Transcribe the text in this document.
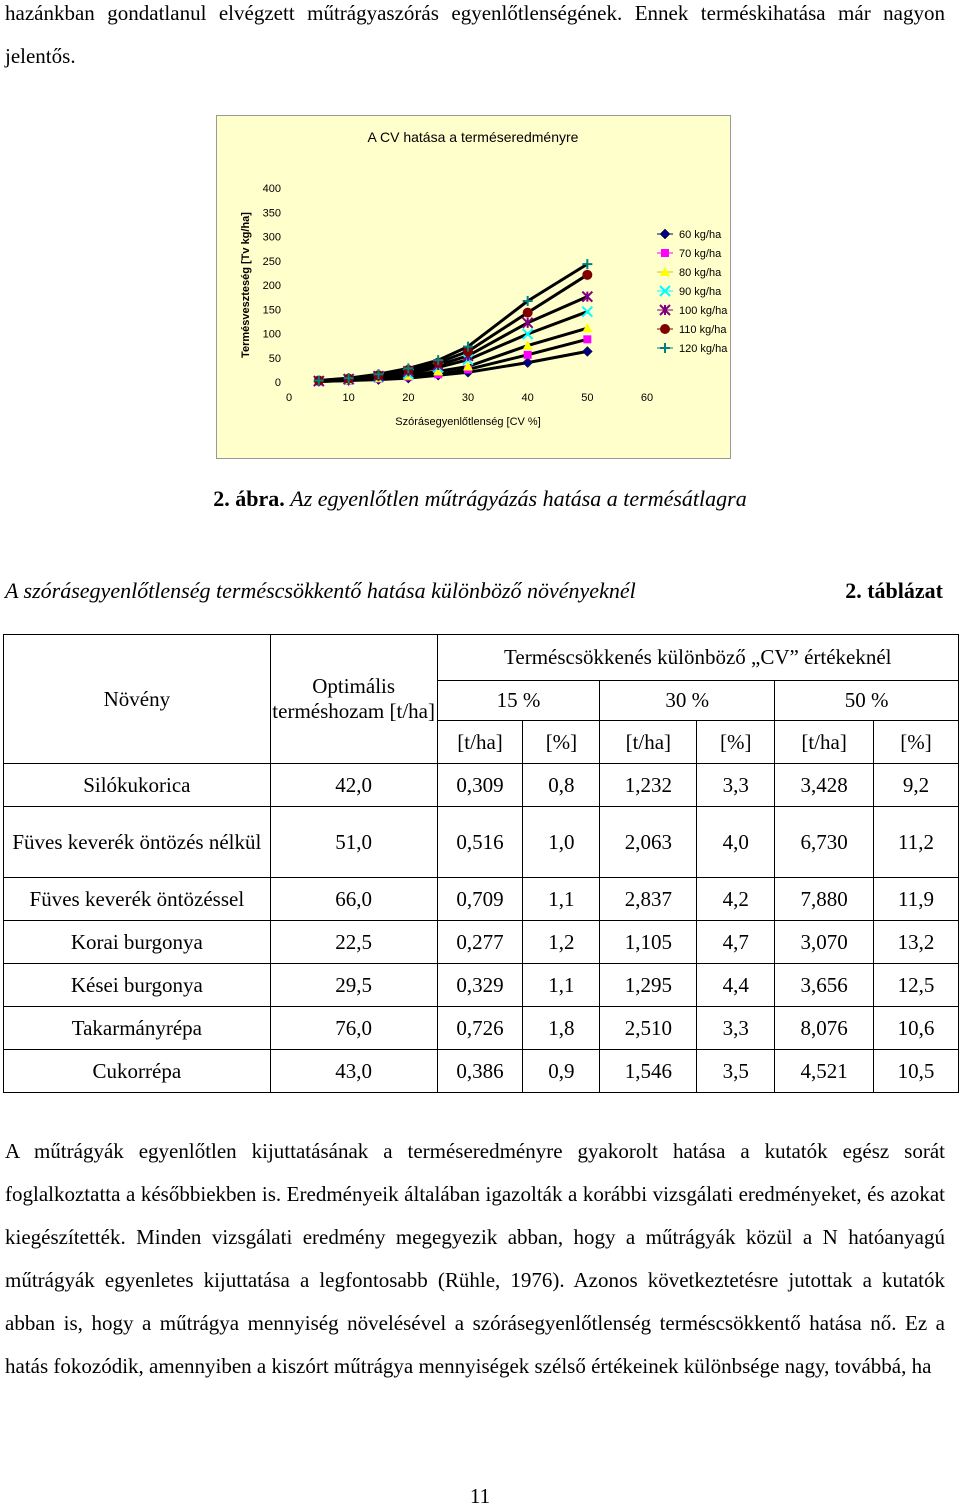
hazánkban gondatlanul elvégzett műtrágyaszórás egyenlőtlenségének. Ennek terméskihatása már nagyon jelentős.
A CV hatása a terméseredményre
0
50
100
150
200
250
300
350
400
0	10	20	30	40	50	60
Szórásegyenlőtlenség [CV %]
Termésveszteség [Tv kg/ha]	60 kg/ha
70 kg/ha
80 kg/ha
90 kg/ha
100 kg/ha
110 kg/ha
120 kg/ha
2. ábra. Az egyenlőtlen műtrágyázás hatása a termésátlagra
A szórásegyenlőtlenség terméscsökkentő hatása különböző növényeknél	2. táblázat
Növény	Optimális terméshozam [t/ha]	Terméscsökkenés különböző „CV” értékeknél					
		15 %		30 %		50 %	
		[t/ha]	[%]	[t/ha]	[%]	[t/ha]	[%]
Silókukorica	42,0	0,309	0,8	1,232	3,3	3,428	9,2
Füves keverék öntözés nélkül	51,0	0,516	1,0	2,063	4,0	6,730	11,2
Füves keverék öntözéssel	66,0	0,709	1,1	2,837	4,2	7,880	11,9
Korai burgonya	22,5	0,277	1,2	1,105	4,7	3,070	13,2
Kései burgonya	29,5	0,329	1,1	1,295	4,4	3,656	12,5
Takarmányrépa	76,0	0,726	1,8	2,510	3,3	8,076	10,6
Cukorrépa	43,0	0,386	0,9	1,546	3,5	4,521	10,5
A műtrágyák egyenlőtlen kijuttatásának a terméseredményre gyakorolt hatása a kutatók egész sorát foglalkoztatta a későbbiekben is. Eredményeik általában igazolták a korábbi vizsgálati eredményeket, és azokat kiegészítették. Minden vizsgálati eredmény megegyezik abban, hogy a műtrágyák közül a N hatóanyagú műtrágyák egyenletes kijuttatása a legfontosabb (Rühle, 1976). Azonos következtetésre jutottak a kutatók abban is, hogy a műtrágya mennyiség növelésével a szórásegyenlőtlenség terméscsökkentő hatása nő. Ez a hatás fokozódik, amennyiben a kiszórt műtrágya mennyiségek szélső értékeinek különbsége nagy, továbbá, ha
11
